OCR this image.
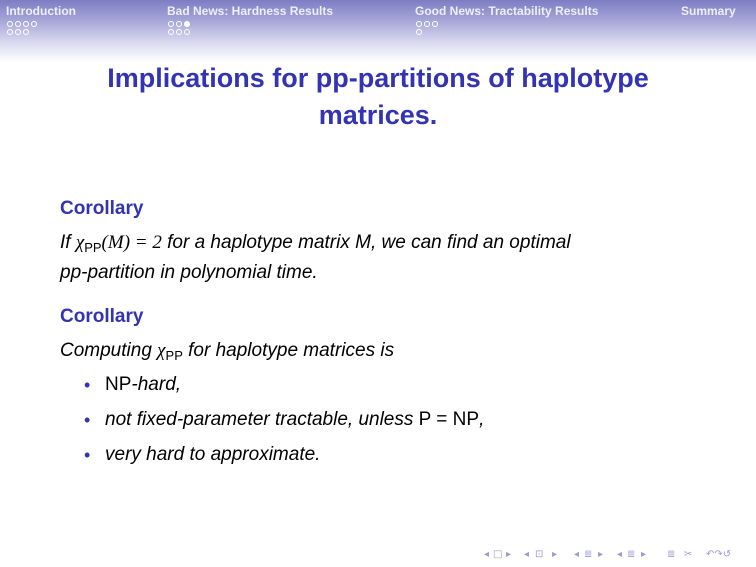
Introduction	Bad News: Hardness Results	Good News: Tractability Results	Summary
Implications for pp-partitions of haplotype
matrices.
Corollary
If $\chi_{PP}(M) = 2$ for a haplotype matrix M, we can find an optimal
pp-partition in polynomial time.
Corollary
Computing $\chi_{PP}$ for haplotype matrices is
• NP-hard,
• not fixed-parameter tractable, unless P = NP,
• very hard to approximate.
◂ □ ▸ ◂ ⊡ ▸ ◂ ≣ ▸ ◂ ≣ ▸ ≣ ✂ ↶↷↺
